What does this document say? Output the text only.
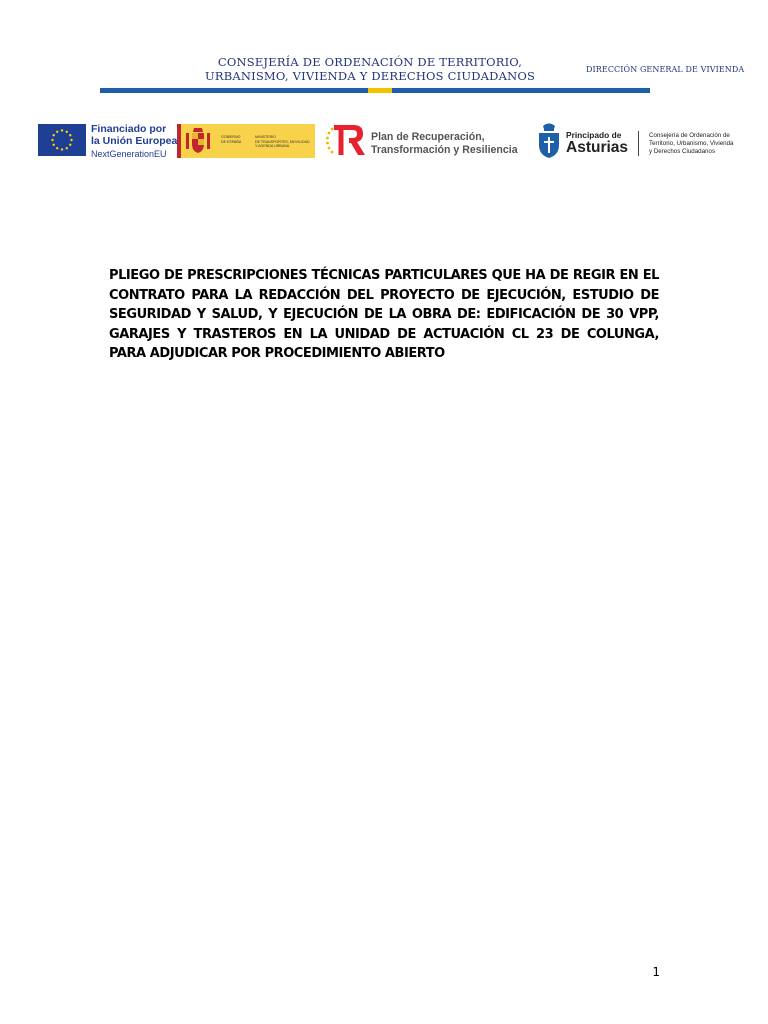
CONSEJERÍA DE ORDENACIÓN DE TERRITORIO,
URBANISMO, VIVIENDA Y DERECHOS CIUDADANOS	DIRECCIÓN GENERAL DE VIVIENDA
Financiado por
la Unión Europea
NextGenerationEU
GOBIERNO
DE ESPAÑA
MINISTERIO
DE TRANSPORTES, MOVILIDAD
Y AGENDA URBANA
Plan de Recuperación,
Transformación y Resiliencia
Principado de
Asturias
Consejería de Ordenación de
Territorio, Urbanismo, Vivienda
y Derechos Ciudadanos
PLIEGO DE PRESCRIPCIONES TÉCNICAS PARTICULARES QUE HA DE REGIR EN EL CONTRATO PARA LA REDACCIÓN DEL PROYECTO DE EJECUCIÓN, ESTUDIO DE SEGURIDAD Y SALUD, Y EJECUCIÓN DE LA OBRA DE: EDIFICACIÓN DE 30 VPP, GARAJES Y TRASTEROS EN LA UNIDAD DE ACTUACIÓN CL 23 DE COLUNGA, PARA ADJUDICAR POR PROCEDIMIENTO ABIERTO
1
